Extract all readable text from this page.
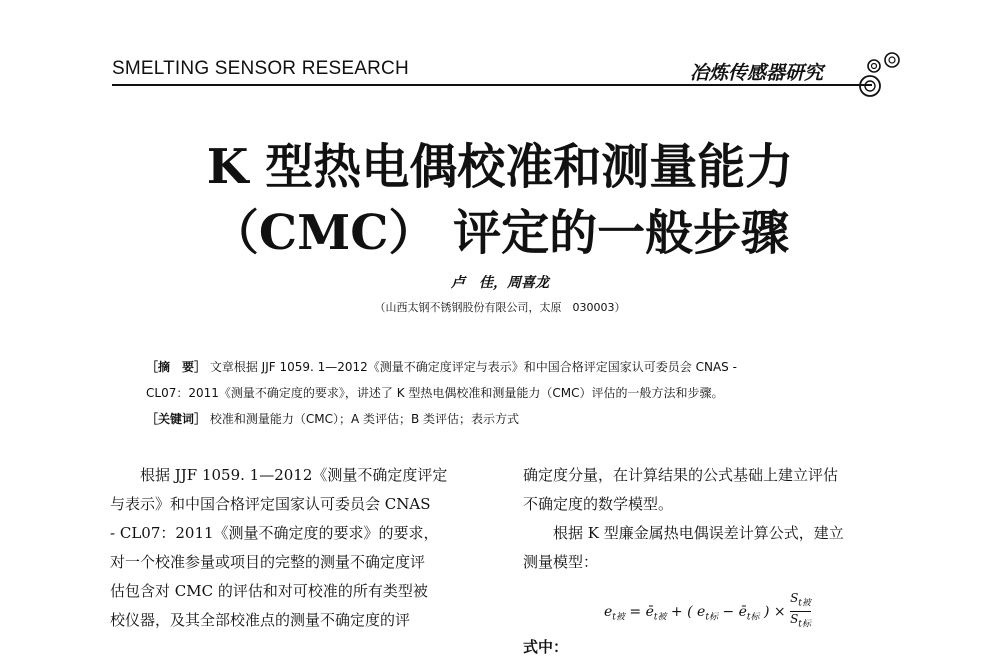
SMELTING SENSOR RESEARCH	冶炼传感器研究
K 型热电偶校准和测量能力
（CMC） 评定的一般步骤
卢　佳，周喜龙
（山西太钢不锈钢股份有限公司，太原　030003）
［摘　要］ 文章根据 JJF 1059. 1—2012《测量不确定度评定与表示》和中国合格评定国家认可委员会 CNAS -
CL07：2011《测量不确定度的要求》，讲述了 K 型热电偶校准和测量能力（CMC）评估的一般方法和步骤。
［关键词］ 校准和测量能力（CMC）；A 类评估；B 类评估；表示方式

根据 JJF 1059. 1—2012《测量不确定度评定

与表示》和中国合格评定国家认可委员会 CNAS

- CL07：2011《测量不确定度的要求》的要求，

对一个校准参量或项目的完整的测量不确定度评

估包含对 CMC 的评估和对可校准的所有类型被

校仪器，及其全部校准点的测量不确定度的评

确定度分量，在计算结果的公式基础上建立评估

不确定度的数学模型。

根据 K 型廉金属热电偶误差计算公式，建立

测量模型：

$e_{t被}$ = $ē_{t被}$ + ( $e_{t标}$ − $ē_{t标}$ ) × $\frac{S_{t被}}{S_{t标}}$
式中：
